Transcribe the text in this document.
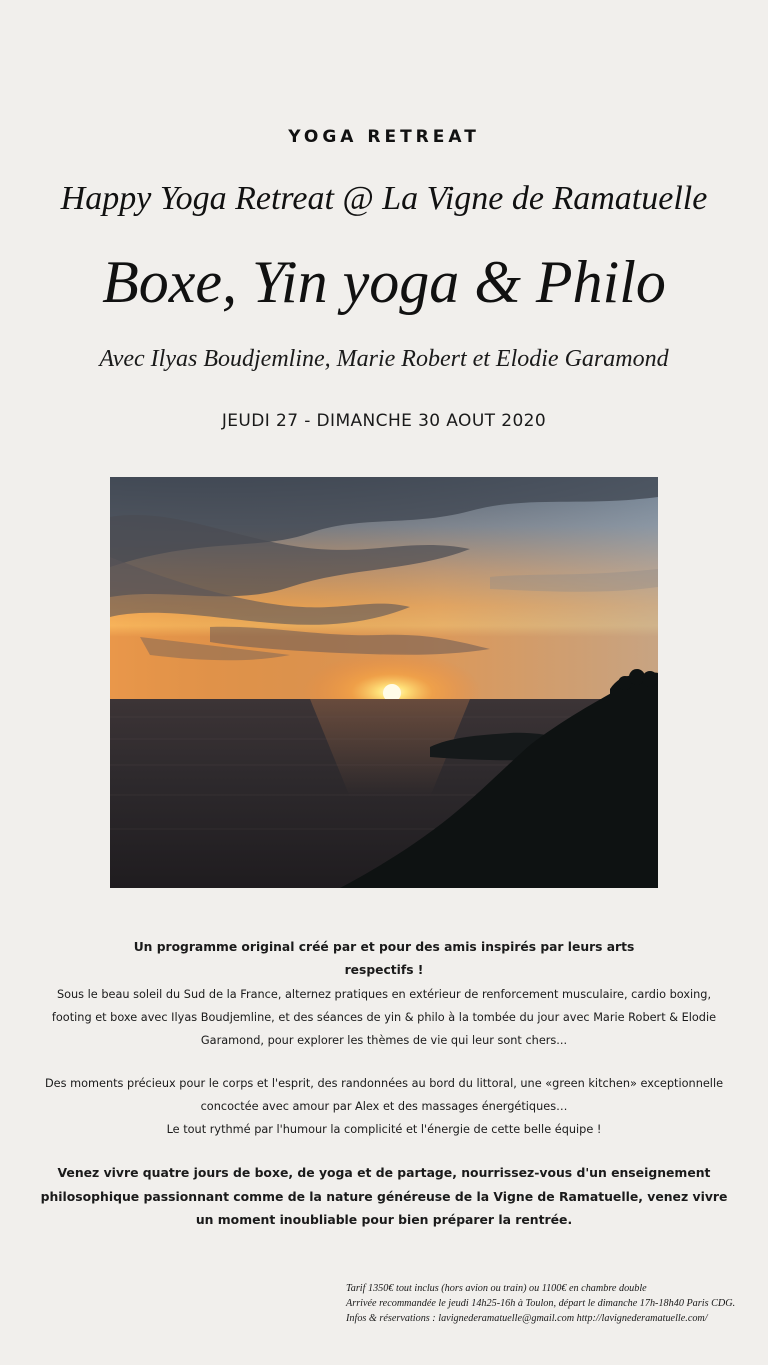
YOGA RETREAT
Happy Yoga Retreat @ La Vigne de Ramatuelle
Boxe, Yin yoga & Philo
Avec Ilyas Boudjemline, Marie Robert et Elodie Garamond
JEUDI 27 - DIMANCHE 30 AOUT 2020
Un programme original créé par et pour des amis inspirés par leurs arts respectifs !
Sous le beau soleil du Sud de la France, alternez pratiques en extérieur de renforcement musculaire, cardio boxing, footing et boxe avec Ilyas Boudjemline, et des séances de yin & philo à la tombée du jour avec Marie Robert & Elodie Garamond, pour explorer les thèmes de vie qui leur sont chers...
Des moments précieux pour le corps et l'esprit, des randonnées au bord du littoral, une «green kitchen» exceptionnelle
concoctée avec amour par Alex et des massages énergétiques…
Le tout rythmé par l'humour la complicité et l'énergie de cette belle équipe !
Venez vivre quatre jours de boxe, de yoga et de partage, nourrissez-vous d'un enseignement philosophique passionnant comme de la nature généreuse de la Vigne de Ramatuelle, venez vivre un moment inoubliable pour bien préparer la rentrée.
Tarif 1350€ tout inclus (hors avion ou train) ou 1100€ en chambre double
Arrivée recommandée le jeudi 14h25-16h à Toulon, départ le dimanche 17h-18h40 Paris CDG.
Infos & réservations : lavignederamatuelle@gmail.com http://lavignederamatuelle.com/
